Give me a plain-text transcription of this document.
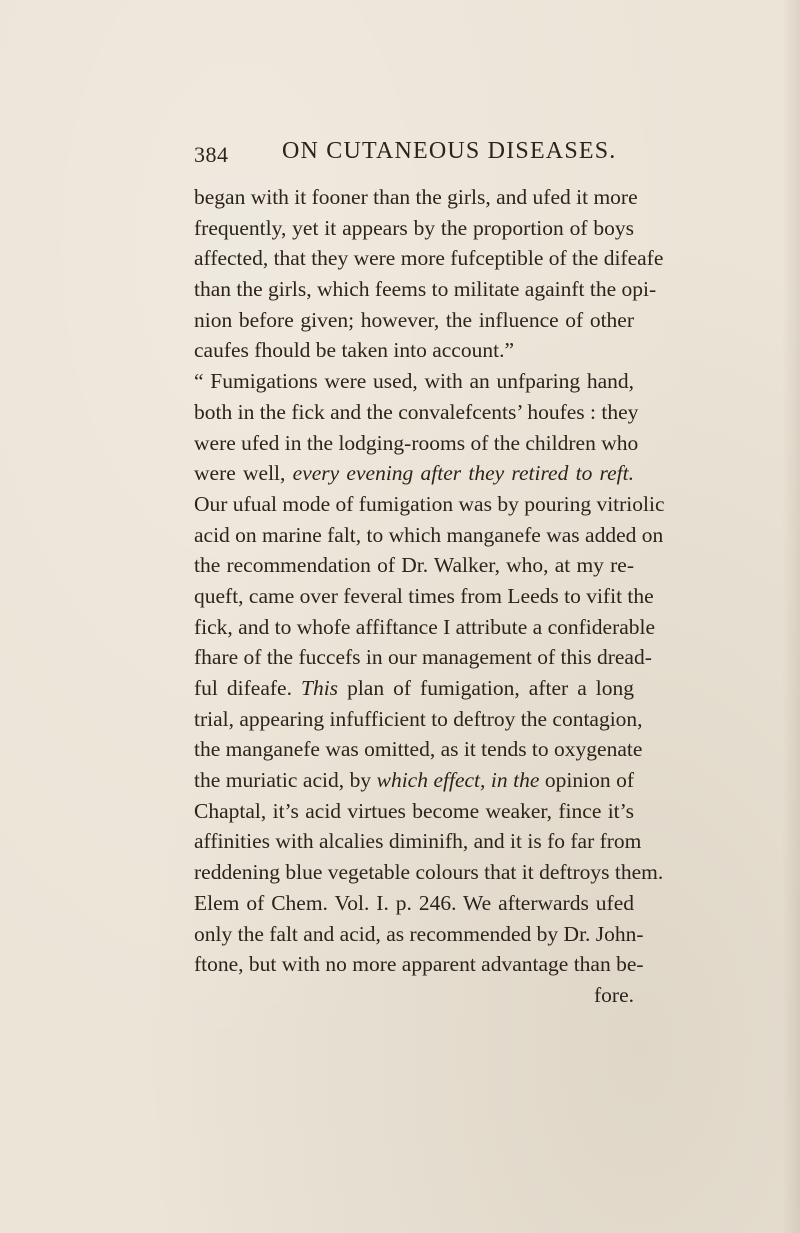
384 ON CUTANEOUS DISEASES.
began with it fooner than the girls, and ufed it more
frequently, yet it appears by the proportion of boys
affected, that they were more fufceptible of the difeafe
than the girls, which feems to militate againft the opi-
nion before given; however, the influence of other
caufes fhould be taken into account.”
“ Fumigations were used, with an unfparing hand,
both in the fick and the convalefcents’ houfes : they
were ufed in the lodging-rooms of the children who
were well, every evening after they retired to reft.
Our ufual mode of fumigation was by pouring vitriolic
acid on marine falt, to which manganefe was added on
the recommendation of Dr. Walker, who, at my re-
queft, came over feveral times from Leeds to vifit the
fick, and to whofe affiftance I attribute a confiderable
fhare of the fuccefs in our management of this dread-
ful difeafe. This plan of fumigation, after a long
trial, appearing infufficient to deftroy the contagion,
the manganefe was omitted, as it tends to oxygenate
the muriatic acid, by which effect, in the opinion of
Chaptal, it’s acid virtues become weaker, fince it’s
affinities with alcalies diminifh, and it is fo far from
reddening blue vegetable colours that it deftroys them.
Elem of Chem. Vol. I. p. 246. We afterwards ufed
only the falt and acid, as recommended by Dr. John-
ftone, but with no more apparent advantage than be-
fore.
